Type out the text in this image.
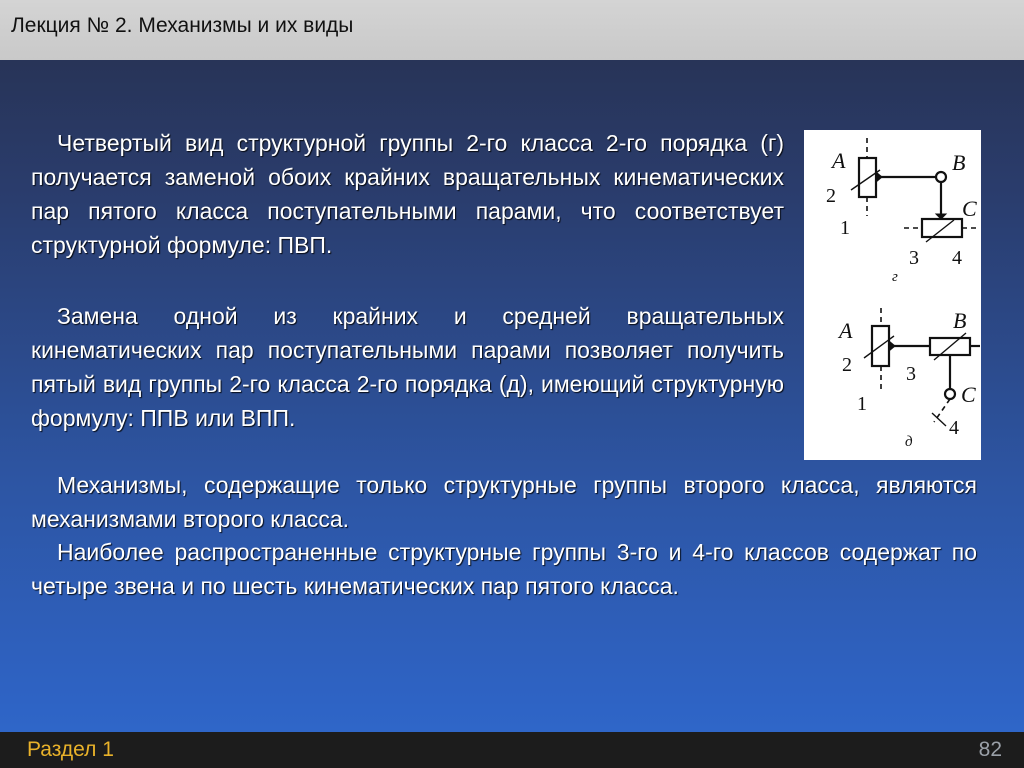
Лекция № 2. Механизмы и их виды
Четвертый вид структурной группы 2-го класса 2-го порядка (г) получается заменой обоих крайних вращательных кинематических пар пятого класса поступательными парами, что соответствует структурной формуле: ПВП.
Замена одной из крайних и средней вращательных кинематических пар поступательными парами позволяет получить пятый вид группы 2-го класса 2-го порядка (д), имеющий структурную формулу: ППВ или ВПП.
Механизмы, содержащие только структурные группы второго класса, являются механизмами второго класса.
Наиболее распространенные структурные группы 3-го и 4-го классов содержат по четыре звена и по шесть кинематических пар пятого класса.
A
2
1
B
C
3 4
г
A
2
1
B
3
C
4
д
Раздел 1	82
